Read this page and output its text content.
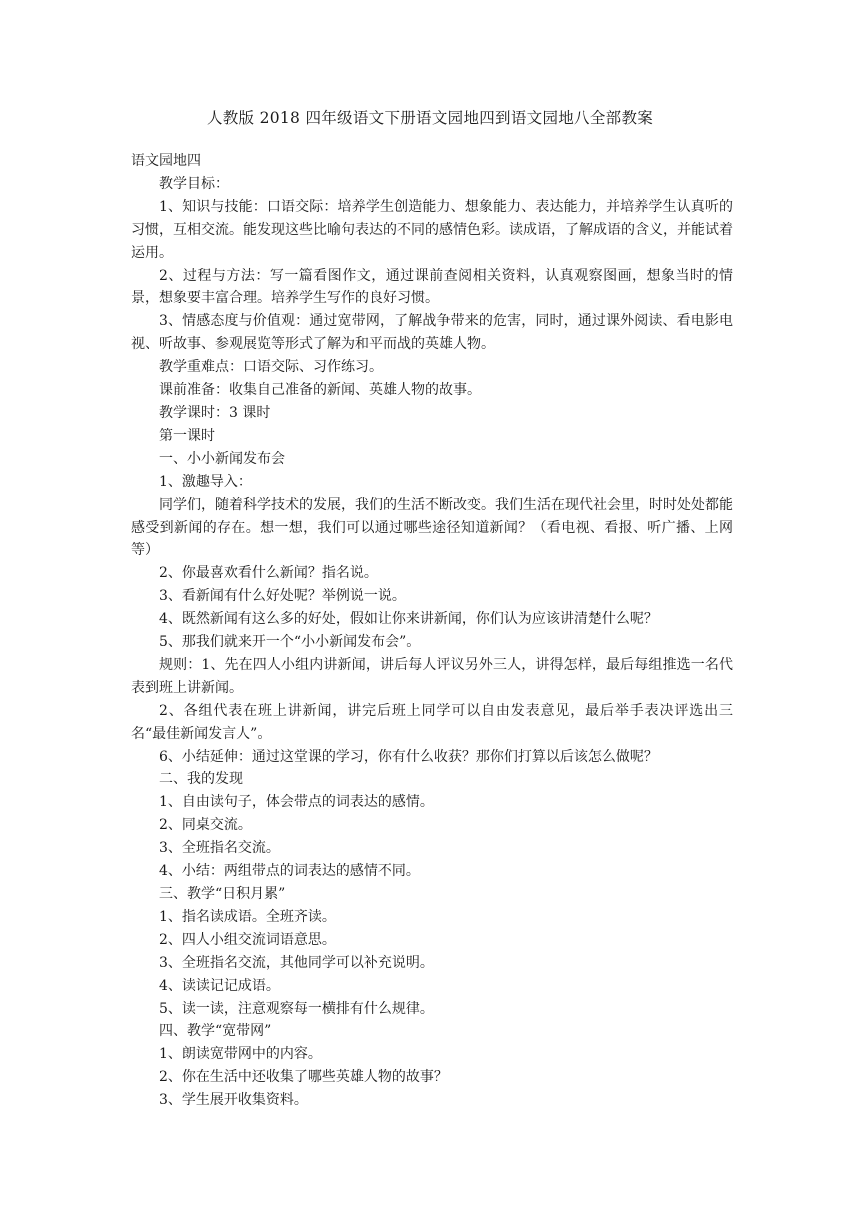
人教版 2018 四年级语文下册语文园地四到语文园地八全部教案

语文园地四

教学目标：

1、知识与技能：口语交际：培养学生创造能力、想象能力、表达能力，并培养学生认真听的习惯，互相交流。能发现这些比喻句表达的不同的感情色彩。读成语，了解成语的含义，并能试着运用。

2、过程与方法：写一篇看图作文，通过课前查阅相关资料，认真观察图画，想象当时的情景，想象要丰富合理。培养学生写作的良好习惯。

3、情感态度与价值观：通过宽带网，了解战争带来的危害，同时，通过课外阅读、看电影电视、听故事、参观展览等形式了解为和平而战的英雄人物。

教学重难点：口语交际、习作练习。

课前准备：收集自己准备的新闻、英雄人物的故事。

教学课时：3 课时

第一课时

一、小小新闻发布会

1、激趣导入：

同学们，随着科学技术的发展，我们的生活不断改变。我们生活在现代社会里，时时处处都能感受到新闻的存在。想一想，我们可以通过哪些途径知道新闻？（看电视、看报、听广播、上网等）

2、你最喜欢看什么新闻？指名说。

3、看新闻有什么好处呢？举例说一说。

4、既然新闻有这么多的好处，假如让你来讲新闻，你们认为应该讲清楚什么呢？

5、那我们就来开一个“小小新闻发布会”。

规则：1、先在四人小组内讲新闻，讲后每人评议另外三人，讲得怎样，最后每组推选一名代表到班上讲新闻。

2、各组代表在班上讲新闻，讲完后班上同学可以自由发表意见，最后举手表决评选出三名“最佳新闻发言人”。

6、小结延伸：通过这堂课的学习，你有什么收获？那你们打算以后该怎么做呢？

二、我的发现

1、自由读句子，体会带点的词表达的感情。

2、同桌交流。

3、全班指名交流。

4、小结：两组带点的词表达的感情不同。

三、教学“日积月累”

1、指名读成语。全班齐读。

2、四人小组交流词语意思。

3、全班指名交流，其他同学可以补充说明。

4、读读记记成语。

5、读一读，注意观察每一横排有什么规律。

四、教学“宽带网”

1、朗读宽带网中的内容。

2、你在生活中还收集了哪些英雄人物的故事？

3、学生展开收集资料。
